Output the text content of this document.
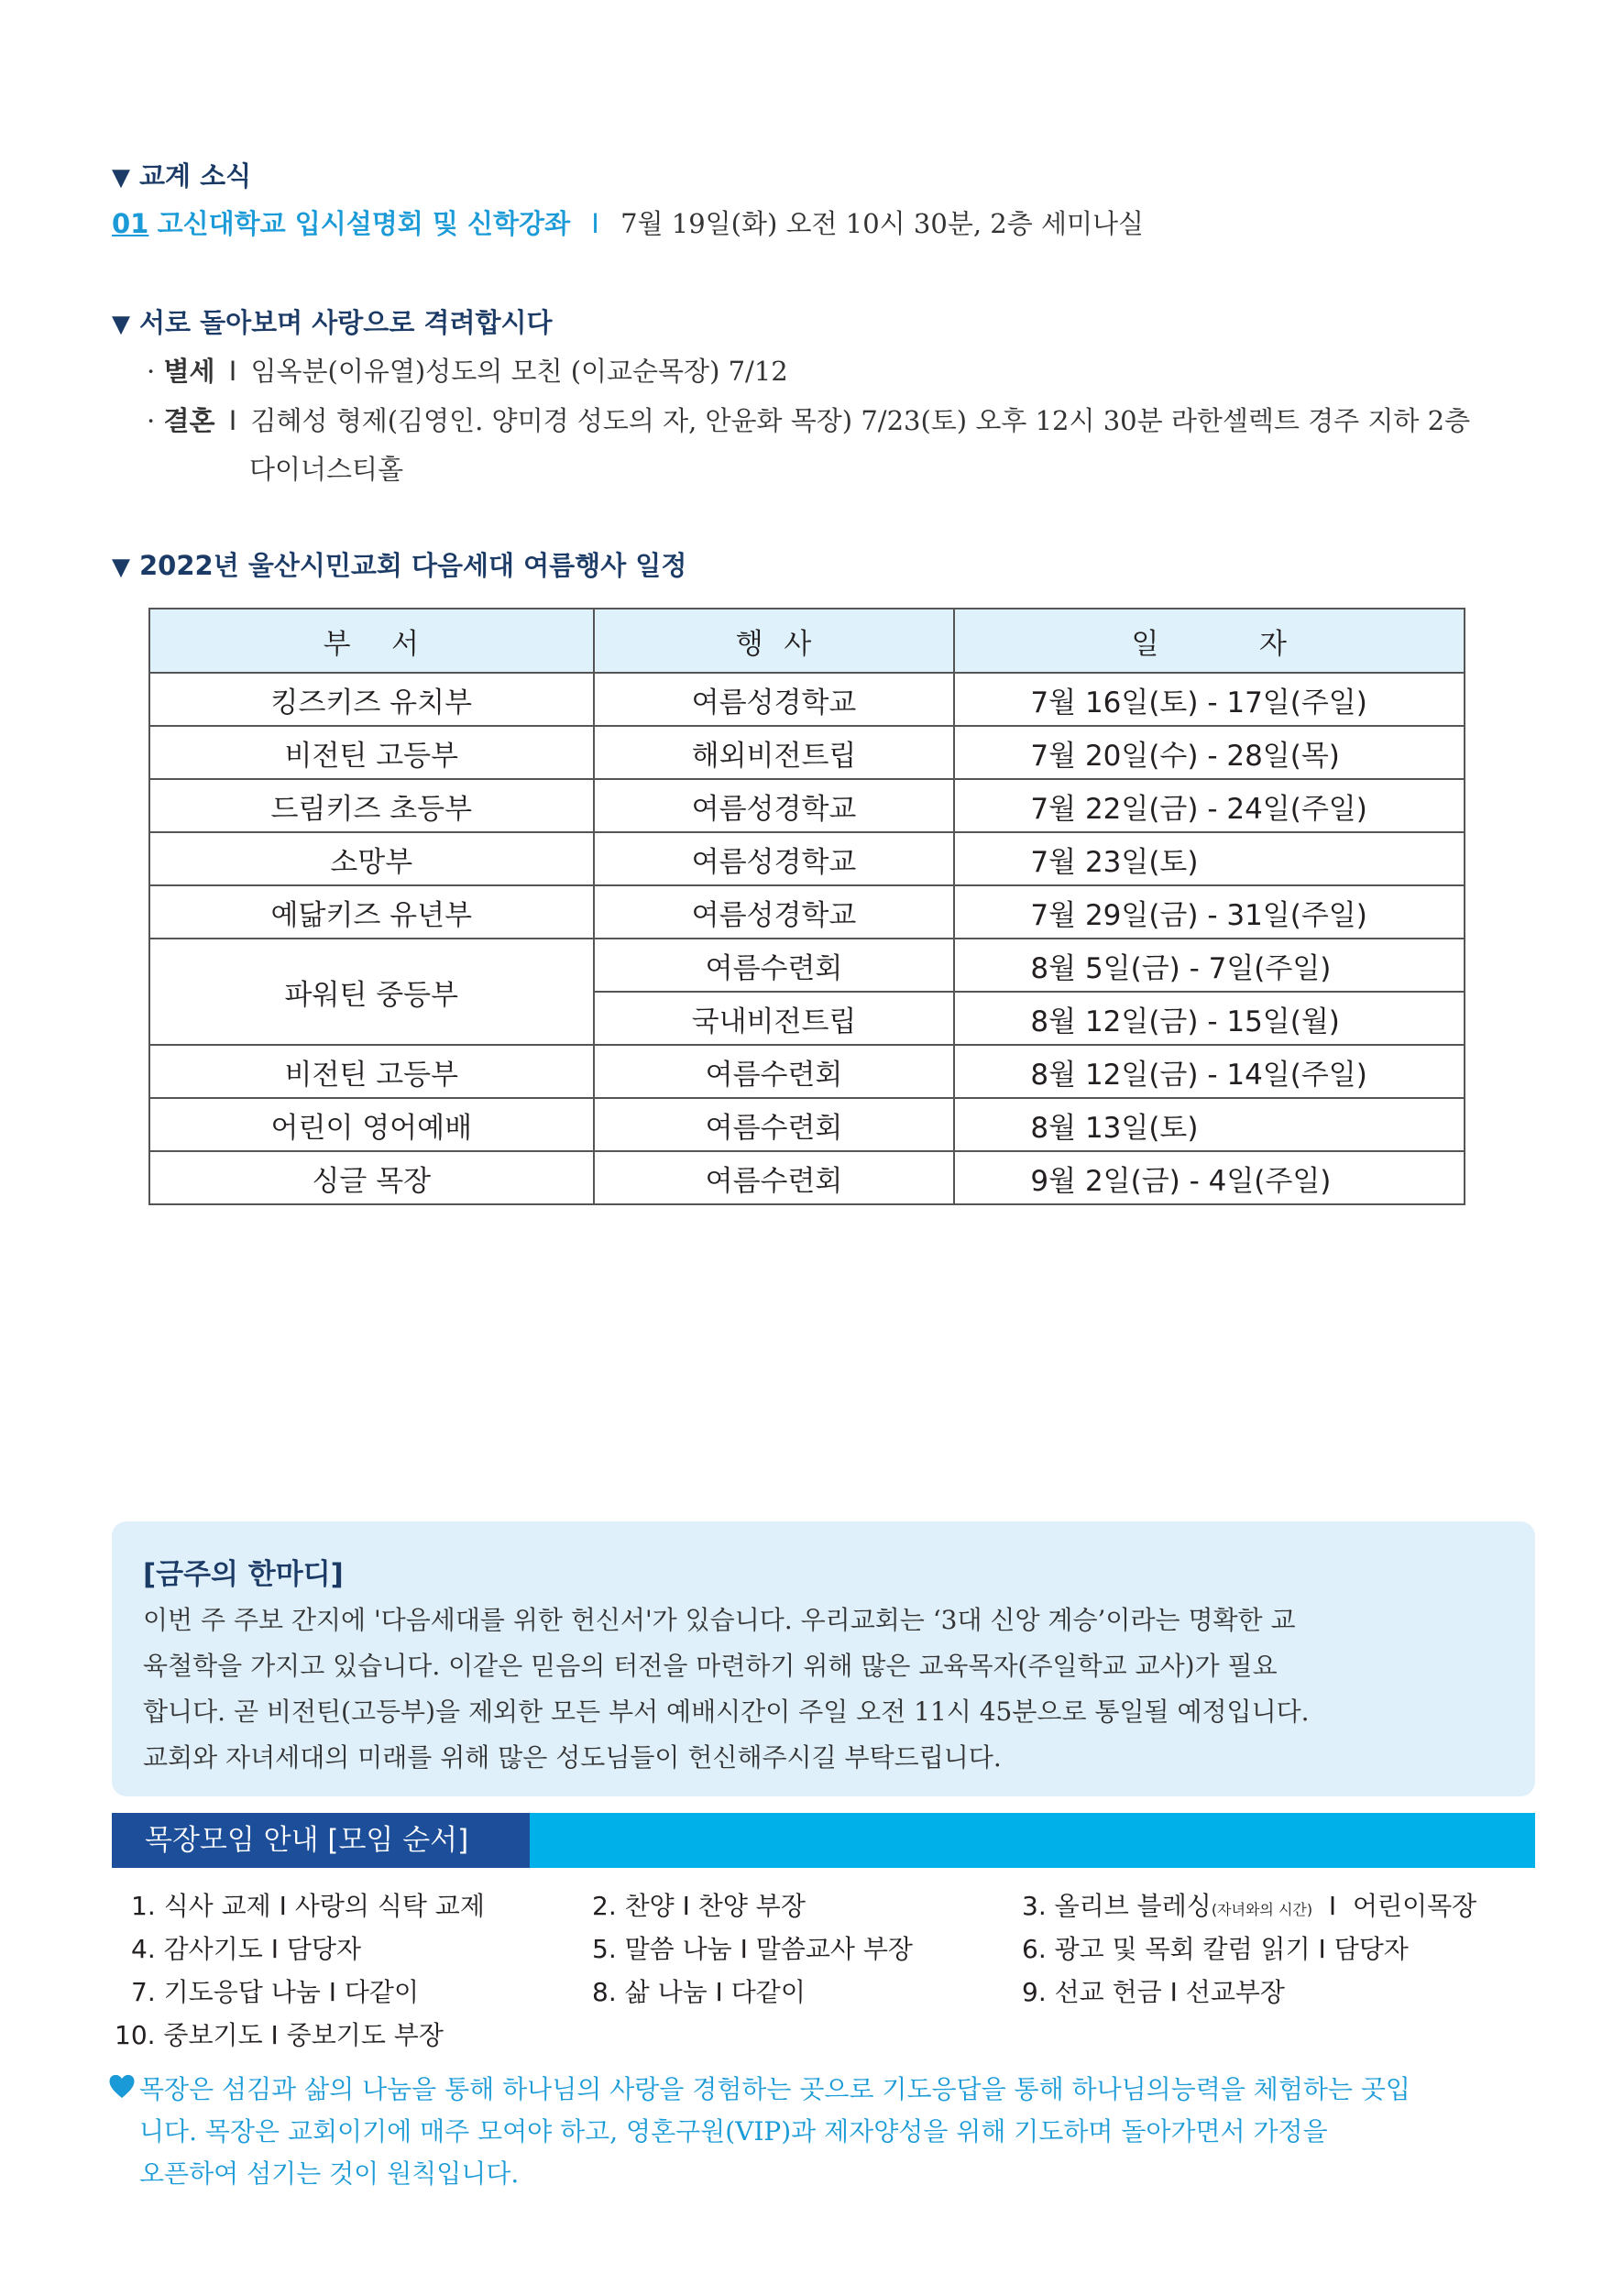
▼ 교계 소식
01 고신대학교 입시설명회 및 신학강좌 I 7월 19일(화) 오전 10시 30분, 2층 세미나실
▼ 서로 돌아보며 사랑으로 격려합시다
· 별세 I 임옥분(이유열)성도의 모친 (이교순목장) 7/12
· 결혼 I 김혜성 형제(김영인. 양미경 성도의 자, 안윤화 목장) 7/23(토) 오후 12시 30분 라한셀렉트 경주 지하 2층
다이너스티홀
▼ 2022년 울산시민교회 다음세대 여름행사 일정
부    서	행  사	일          자
킹즈키즈 유치부	여름성경학교	7월 16일(토) - 17일(주일)
비전틴 고등부	해외비전트립	7월 20일(수) - 28일(목)
드림키즈 초등부	여름성경학교	7월 22일(금) - 24일(주일)
소망부	여름성경학교	7월 23일(토)
예닮키즈 유년부	여름성경학교	7월 29일(금) - 31일(주일)
파워틴 중등부	여름수련회	8월 5일(금) - 7일(주일)
	국내비전트립	8월 12일(금) - 15일(월)
비전틴 고등부	여름수련회	8월 12일(금) - 14일(주일)
어린이 영어예배	여름수련회	8월 13일(토)
싱글 목장	여름수련회	9월 2일(금) - 4일(주일)
[금주의 한마디]
이번 주 주보 간지에 '다음세대를 위한 헌신서'가 있습니다. 우리교회는 ‘3대 신앙 계승’이라는 명확한 교
육철학을 가지고 있습니다. 이같은 믿음의 터전을 마련하기 위해 많은 교육목자(주일학교 교사)가 필요
합니다. 곧 비전틴(고등부)을 제외한 모든 부서 예배시간이 주일 오전 11시 45분으로 통일될 예정입니다.
교회와 자녀세대의 미래를 위해 많은 성도님들이 헌신해주시길 부탁드립니다.
목장모임 안내 [모임 순서]
1. 식사 교제 I 사랑의 식탁 교제	2. 찬양 I 찬양 부장	3. 올리브 블레싱(자녀와의 시간)  I  어린이목장
4. 감사기도 I 담당자	5. 말씀 나눔 I 말씀교사 부장	6. 광고 및 목회 칼럼 읽기 I 담당자
7. 기도응답 나눔 I 다같이	8. 삶 나눔 I 다같이	9. 선교 헌금 I 선교부장
10. 중보기도 I 중보기도 부장
목장은 섬김과 삶의 나눔을 통해 하나님의 사랑을 경험하는 곳으로 기도응답을 통해 하나님의능력을 체험하는 곳입
니다. 목장은 교회이기에 매주 모여야 하고, 영혼구원(VIP)과 제자양성을 위해 기도하며 돌아가면서 가정을
오픈하여 섬기는 것이 원칙입니다.
